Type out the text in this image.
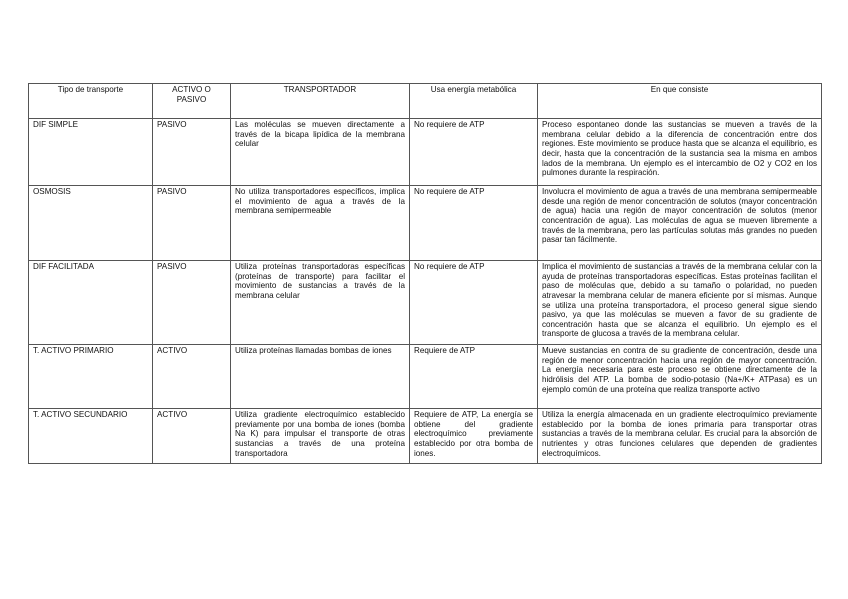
Tipo de transporte	ACTIVO O PASIVO	TRANSPORTADOR	Usa energía metabólica	En que consiste
DIF SIMPLE	PASIVO	Las moléculas se mueven directamente a través de la bicapa lipídica de la membrana celular	No requiere de ATP	Proceso espontaneo donde las sustancias se mueven a través de la membrana celular debido a la diferencia de concentración entre dos regiones. Este movimiento se produce hasta que se alcanza el equilibrio, es decir, hasta que la concentración de la sustancia sea la misma en ambos lados de la membrana. Un ejemplo es el intercambio de O2 y CO2 en los pulmones durante la respiración.
OSMOSIS	PASIVO	No utiliza transportadores específicos, implica el movimiento de agua a través de la membrana semipermeable	No requiere de ATP	Involucra el movimiento de agua a través de una membrana semipermeable desde una región de menor concentración de solutos (mayor concentración de agua) hacia una región de mayor concentración de solutos (menor concentración de agua). Las moléculas de agua se mueven libremente a través de la membrana, pero las partículas solutas más grandes no pueden pasar tan fácilmente.
DIF FACILITADA	PASIVO	Utiliza proteínas transportadoras específicas (proteínas de transporte) para facilitar el movimiento de sustancias a través de la membrana celular	No requiere de ATP	Implica el movimiento de sustancias a través de la membrana celular con la ayuda de proteínas transportadoras específicas. Estas proteínas facilitan el paso de moléculas que, debido a su tamaño o polaridad, no pueden atravesar la membrana celular de manera eficiente por sí mismas. Aunque se utiliza una proteína transportadora, el proceso general sigue siendo pasivo, ya que las moléculas se mueven a favor de su gradiente de concentración hasta que se alcanza el equilibrio. Un ejemplo es el transporte de glucosa a través de la membrana celular.
T. ACTIVO PRIMARIO	ACTIVO	Utiliza proteínas llamadas bombas de iones	Requiere de ATP	Mueve sustancias en contra de su gradiente de concentración, desde una región de menor concentración hacia una región de mayor concentración. La energía necesaria para este proceso se obtiene directamente de la hidrólisis del ATP. La bomba de sodio-potasio (Na+/K+ ATPasa) es un ejemplo común de una proteína que realiza transporte activo
T. ACTIVO SECUNDARIO	ACTIVO	Utiliza gradiente electroquímico establecido previamente por una bomba de iones (bomba Na K) para impulsar el transporte de otras sustancias a través de una proteína transportadora	Requiere de ATP, La energía se obtiene del gradiente electroquímico previamente establecido por otra bomba de iones.	Utiliza la energía almacenada en un gradiente electroquímico previamente establecido por la bomba de iones primaria para transportar otras sustancias a través de la membrana celular. Es crucial para la absorción de nutrientes y otras funciones celulares que dependen de gradientes electroquímicos.
